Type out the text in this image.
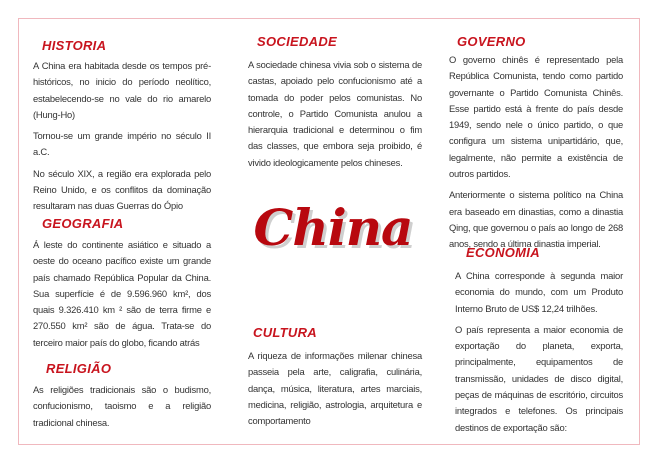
China
HISTORIA

A China era habitada desde os tempos pré-históricos, no inicio do período neolítico, estabelecendo-se no vale do rio amarelo (Hung-Ho)

Tornou-se um grande império no século II a.C.

No século XIX, a região era explorada pelo Reino Unido, e os conflitos da dominação resultaram nas duas Guerras do Ópio

GEOGRAFIA

Á leste do continente asiático e situado a oeste do oceano pacífico existe um grande país chamado República Popular da China. Sua superfície é de 9.596.960 km², dos quais 9.326.410 km ² são de terra firme e 270.550 km² são de água. Trata-se do terceiro maior país do globo, ficando atrás

RELIGIÃO

As religiões tradicionais são o budismo, confucionismo, taoismo e a religião tradicional chinesa.

SOCIEDADE

A sociedade chinesa vivia sob o sistema de castas, apoiado pelo confucionismo até a tomada do poder pelos comunistas. No controle, o Partido Comunista anulou a hierarquia tradicional e determinou o fim das classes, que embora seja proibido, é vivido ideologicamente pelos chineses.

CULTURA

A riqueza de informações milenar chinesa passeia pela arte, caligrafia, culinária, dança, música, literatura, artes marciais, medicina, religião, astrologia, arquitetura e comportamento

GOVERNO

O governo chinês é representado pela República Comunista, tendo como partido governante o Partido Comunista Chinês. Esse partido está à frente do país desde 1949, sendo nele o único partido, o que configura um sistema unipartidário, que, legalmente, não permite a existência de outros partidos.

Anteriormente o sistema político na China era baseado em dinastias, como a dinastia Qing, que governou o país ao longo de 268 anos, sendo a última dinastia imperial.

ECONOMIA

A China corresponde à segunda maior economia do mundo, com um Produto Interno Bruto de US$ 12,24 trilhões.

O país representa a maior economia de exportação do planeta, exporta, principalmente, equipamentos de transmissão, unidades de disco digital, peças de máquinas de escritório, circuitos integrados e telefones. Os principais destinos de exportação são:
